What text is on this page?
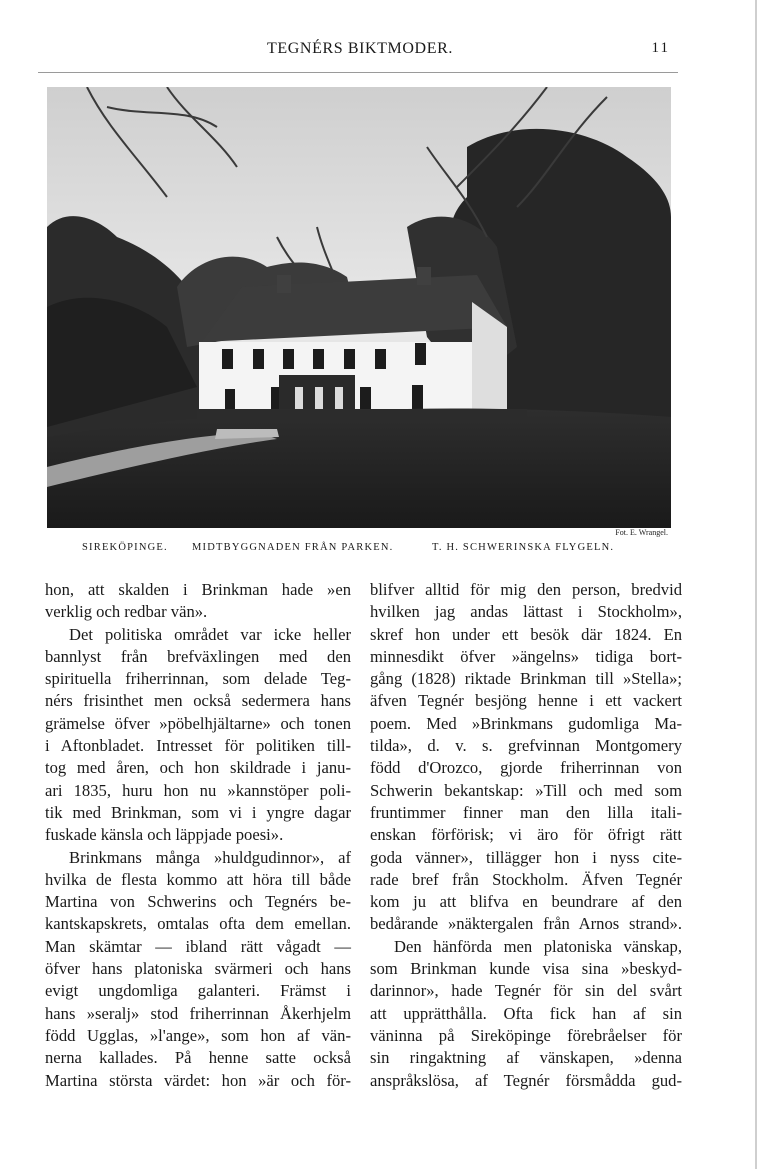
TEGNÉRS BIKTMODER.	11
Fot. E. Wrangel.
SIREKÖPINGE. MIDTBYGGNADEN FRÅN PARKEN.	T. H. SCHWERINSKA FLYGELN.
hon, att skalden i Brinkman hade »en
verklig och redbar vän».
Det politiska området var icke heller
bannlyst från brefväxlingen med den
spirituella friherrinnan, som delade Teg-
nérs frisinthet men också sedermera hans
grämelse öfver »pöbelhjältarne» och tonen
i Aftonbladet. Intresset för politiken till-
tog med åren, och hon skildrade i janu-
ari 1835, huru hon nu »kannstöper poli-
tik med Brinkman, som vi i yngre dagar
fuskade känsla och läppjade poesi».
Brinkmans många »huldgudinnor», af
hvilka de flesta kommo att höra till både
Martina von Schwerins och Tegnérs be-
kantskapskrets, omtalas ofta dem emellan.
Man skämtar — ibland rätt vågadt —
öfver hans platoniska svärmeri och hans
evigt ungdomliga galanteri. Främst i
hans »seralj» stod friherrinnan Åkerhjelm
född Ugglas, »l'ange», som hon af vän-
nerna kallades. På henne satte också
Martina största värdet: hon »är och för-
blifver alltid för mig den person, bredvid
hvilken jag andas lättast i Stockholm»,
skref hon under ett besök där 1824. En
minnesdikt öfver »ängelns» tidiga bort-
gång (1828) riktade Brinkman till »Stella»;
äfven Tegnér besjöng henne i ett vackert
poem. Med »Brinkmans gudomliga Ma-
tilda», d. v. s. grefvinnan Montgomery
född d'Orozco, gjorde friherrinnan von
Schwerin bekantskap: »Till och med som
fruntimmer finner man den lilla itali-
enskan förförisk; vi äro för öfrigt rätt
goda vänner», tillägger hon i nyss cite-
rade bref från Stockholm. Äfven Tegnér
kom ju att blifva en beundrare af den
bedårande »näktergalen från Arnos strand».
Den hänförda men platoniska vänskap,
som Brinkman kunde visa sina »beskyd-
darinnor», hade Tegnér för sin del svårt
att upprätthålla. Ofta fick han af sin
väninna på Sireköpinge förebråelser för
sin ringaktning af vänskapen, »denna
anspråkslösa, af Tegnér försmådda gud-
